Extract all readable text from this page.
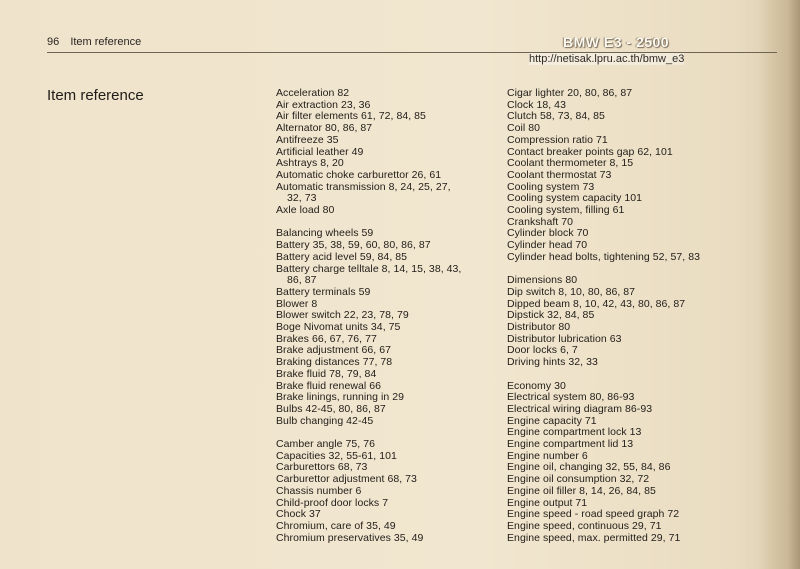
96 Item reference	BMW E3 - 2500
http://netisak.lpru.ac.th/bmw_e3
Item reference	Acceleration 82
Air extraction 23, 36
Air filter elements 61, 72, 84, 85
Alternator 80, 86, 87
Antifreeze 35
Artificial leather 49
Ashtrays 8, 20
Automatic choke carburettor 26, 61
Automatic transmission 8, 24, 25, 27,
32, 73
Axle load 80
Balancing wheels 59
Battery 35, 38, 59, 60, 80, 86, 87
Battery acid level 59, 84, 85
Battery charge telltale 8, 14, 15, 38, 43,
86, 87
Battery terminals 59
Blower 8
Blower switch 22, 23, 78, 79
Boge Nivomat units 34, 75
Brakes 66, 67, 76, 77
Brake adjustment 66, 67
Braking distances 77, 78
Brake fluid 78, 79, 84
Brake fluid renewal 66
Brake linings, running in 29
Bulbs 42-45, 80, 86, 87
Bulb changing 42-45
Camber angle 75, 76
Capacities 32, 55-61, 101
Carburettors 68, 73
Carburettor adjustment 68, 73
Chassis number 6
Child-proof door locks 7
Chock 37
Chromium, care of 35, 49
Chromium preservatives 35, 49
Cigar lighter 20, 80, 86, 87
Clock 18, 43
Clutch 58, 73, 84, 85
Coil 80
Compression ratio 71
Contact breaker points gap 62, 101
Coolant thermometer 8, 15
Coolant thermostat 73
Cooling system 73
Cooling system capacity 101
Cooling system, filling 61
Crankshaft 70
Cylinder block 70
Cylinder head 70
Cylinder head bolts, tightening 52, 57, 83
Dimensions 80
Dip switch 8, 10, 80, 86, 87
Dipped beam 8, 10, 42, 43, 80, 86, 87
Dipstick 32, 84, 85
Distributor 80
Distributor lubrication 63
Door locks 6, 7
Driving hints 32, 33
Economy 30
Electrical system 80, 86-93
Electrical wiring diagram 86-93
Engine capacity 71
Engine compartment lock 13
Engine compartment lid 13
Engine number 6
Engine oil, changing 32, 55, 84, 86
Engine oil consumption 32, 72
Engine oil filler 8, 14, 26, 84, 85
Engine output 71
Engine speed - road speed graph 72
Engine speed, continuous 29, 71
Engine speed, max. permitted 29, 71
